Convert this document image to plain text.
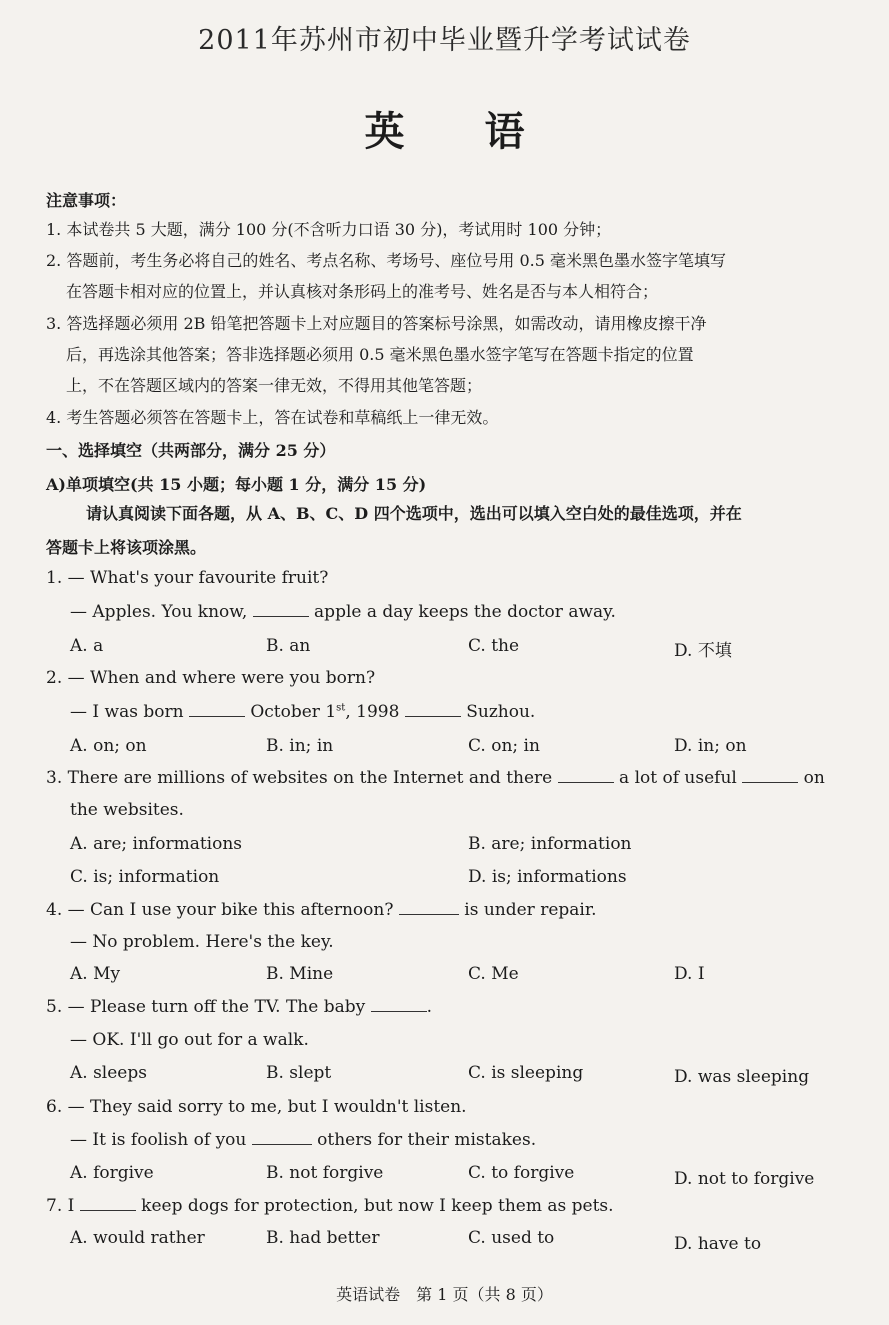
2011年苏州市初中毕业暨升学考试试卷
英语
注意事项：
1. 本试卷共 5 大题，满分 100 分(不含听力口语 30 分)，考试用时 100 分钟；
2. 答题前，考生务必将自己的姓名、考点名称、考场号、座位号用 0.5 毫米黑色墨水签字笔填写
在答题卡相对应的位置上，并认真核对条形码上的准考号、姓名是否与本人相符合；
3. 答选择题必须用 2B 铅笔把答题卡上对应题目的答案标号涂黑，如需改动，请用橡皮擦干净
后，再选涂其他答案；答非选择题必须用 0.5 毫米黑色墨水签字笔写在答题卡指定的位置
上，不在答题区域内的答案一律无效，不得用其他笔答题；
4. 考生答题必须答在答题卡上，答在试卷和草稿纸上一律无效。
一、选择填空（共两部分，满分 25 分）
A)单项填空(共 15 小题；每小题 1 分，满分 15 分)
请认真阅读下面各题，从 A、B、C、D 四个选项中，选出可以填入空白处的最佳选项，并在
答题卡上将该项涂黑。
1. — What's your favourite fruit?
— Apples. You know,	apple a day keeps the doctor away.
A. a	B. an	C. the	D. 不填
2. — When and where were you born?
— I was born	October 1st, 1998	Suzhou.
A. on; on	B. in; in	C. on; in	D. in; on
3. There are millions of websites on the Internet and there	a lot of useful	on
the websites.
A. are; informations	B. are; information
C. is; information	D. is; informations
4. — Can I use your bike this afternoon?	is under repair.
— No problem. Here's the key.
A. My	B. Mine	C. Me	D. I
5. — Please turn off the TV. The baby	.
— OK. I'll go out for a walk.
A. sleeps	B. slept	C. is sleeping	D. was sleeping
6. — They said sorry to me, but I wouldn't listen.
— It is foolish of you	others for their mistakes.
A. forgive	B. not forgive	C. to forgive	D. not to forgive
7. I	keep dogs for protection, but now I keep them as pets.
A. would rather	B. had better	C. used to	D. have to
英语试卷　第 1 页（共 8 页）
